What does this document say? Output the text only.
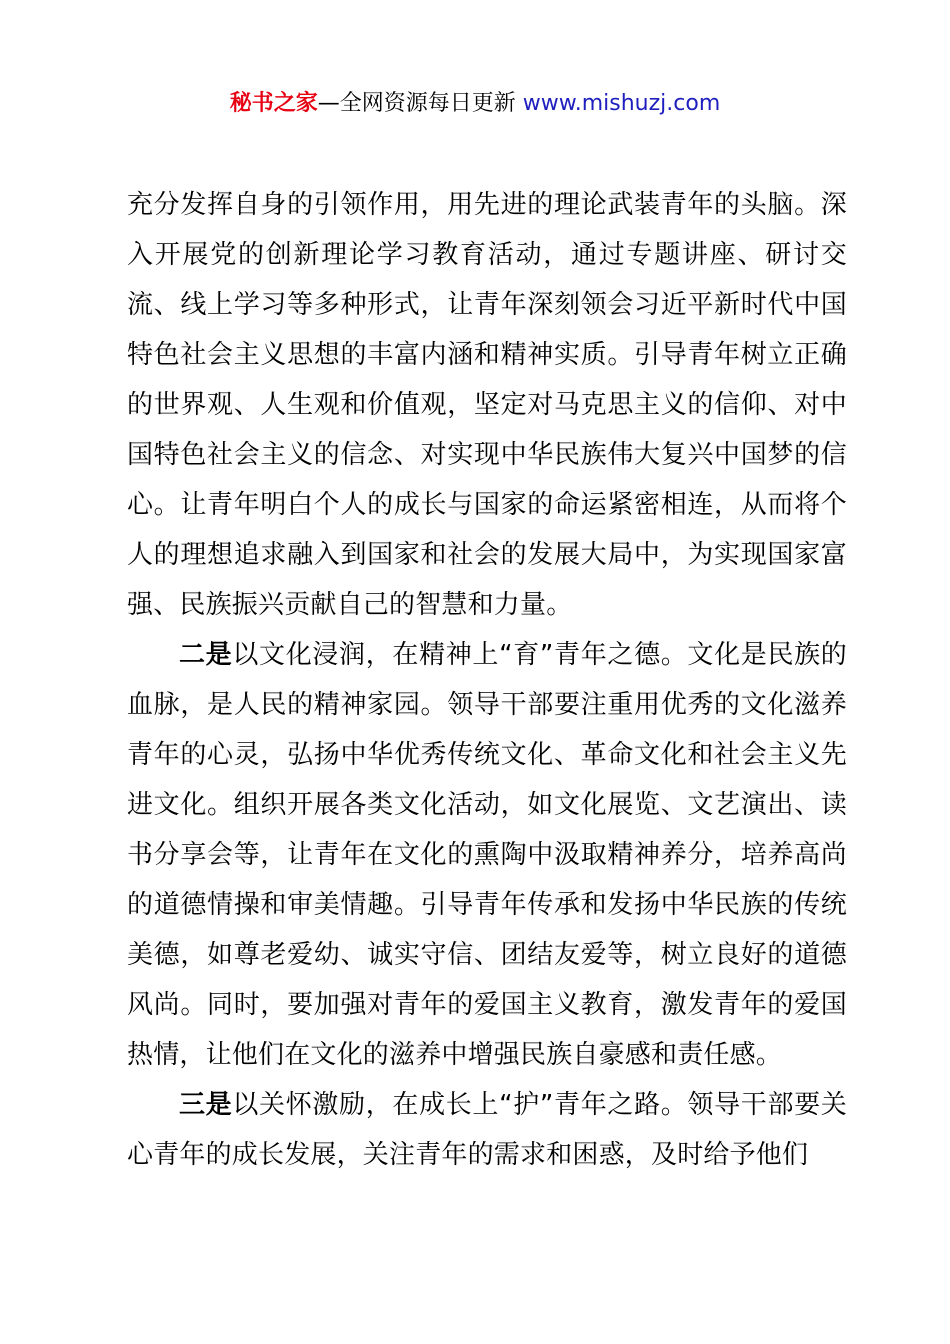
秘书之家—全网资源每日更新 www.mishuzj.com

充分发挥自身的引领作用，用先进的理论武装青年的头脑。深入开展党的创新理论学习教育活动，通过专题讲座、研讨交流、线上学习等多种形式，让青年深刻领会习近平新时代中国特色社会主义思想的丰富内涵和精神实质。引导青年树立正确的世界观、人生观和价值观，坚定对马克思主义的信仰、对中国特色社会主义的信念、对实现中华民族伟大复兴中国梦的信心。让青年明白个人的成长与国家的命运紧密相连，从而将个人的理想追求融入到国家和社会的发展大局中，为实现国家富强、民族振兴贡献自己的智慧和力量。

二是以文化浸润，在精神上“育”青年之德。文化是民族的血脉，是人民的精神家园。领导干部要注重用优秀的文化滋养青年的心灵，弘扬中华优秀传统文化、革命文化和社会主义先进文化。组织开展各类文化活动，如文化展览、文艺演出、读书分享会等，让青年在文化的熏陶中汲取精神养分，培养高尚的道德情操和审美情趣。引导青年传承和发扬中华民族的传统美德，如尊老爱幼、诚实守信、团结友爱等，树立良好的道德风尚。同时，要加强对青年的爱国主义教育，激发青年的爱国热情，让他们在文化的滋养中增强民族自豪感和责任感。

三是以关怀激励，在成长上“护”青年之路。领导干部要关心青年的成长发展，关注青年的需求和困惑，及时给予他们
